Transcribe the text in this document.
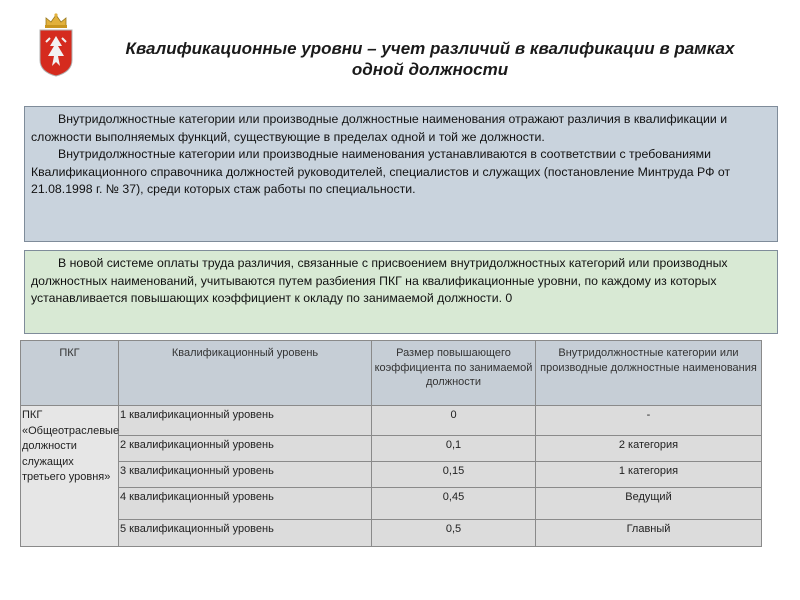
Квалификационные уровни – учет различий в квалификации в рамках одной должности

Внутридолжностные категории или производные должностные наименования отражают различия в квалификации и сложности выполняемых функций, существующие в пределах одной и той же должности.

Внутридолжностные категории или производные наименования устанавливаются в соответствии с требованиями Квалификационного справочника должностей руководителей, специалистов и служащих (постановление Минтруда РФ от 21.08.1998 г. № 37), среди которых стаж работы по специальности.

В новой системе оплаты труда различия, связанные с присвоением внутридолжностных категорий или производных должностных наименований, учитываются путем разбиения ПКГ на квалификационные уровни, по каждому из которых устанавливается повышающих коэффициент к окладу по занимаемой должности. 0

ПКГ	Квалификационный уровень	Размер повышающего коэффициента по занимаемой должности	Внутридолжностные категории или производные должностные наименования
ПКГ «Общеотраслевые должности служащих третьего уровня»	1 квалификационный уровень	0	-
	2 квалификационный уровень	0,1	2 категория
	3 квалификационный уровень	0,15	1 категория
	4 квалификационный уровень	0,45	Ведущий
	5 квалификационный уровень	0,5	Главный
